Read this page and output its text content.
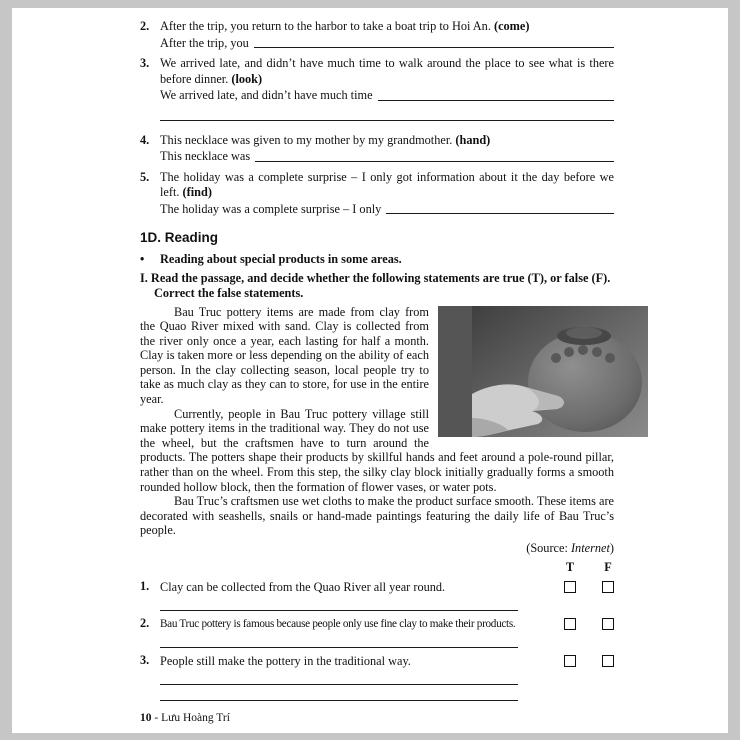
2. After the trip, you return to the harbor to take a boat trip to Hoi An. (come)
After the trip, you
3. We arrived late, and didn’t have much time to walk around the place to see what is there before dinner. (look)
We arrived late, and didn’t have much time
4. This necklace was given to my mother by my grandmother. (hand)
This necklace was
5. The holiday was a complete surprise – I only got information about it the day before we left. (find)
The holiday was a complete surprise – I only
1D. Reading
•	Reading about special products in some areas.
I. Read the passage, and decide whether the following statements are true (T), or false (F).
Correct the false statements.

Bau Truc pottery items are made from clay from the Quao River mixed with sand. Clay is collected from the river only once a year, each lasting for half a month. Clay is taken more or less depending on the ability of each person. In the clay collecting season, local people try to take as much clay as they can to store, for use in the entire year.

Currently, people in Bau Truc pottery village still make pottery items in the traditional way. They do not use the wheel, but the craftsmen have to turn around the products. The potters shape their products by skillful hands and feet around a pole-round pillar, rather than on the wheel. From this step, the silky clay block initially gradually forms a smooth rounded hollow block, then the formation of flower vases, or water pots.

Bau Truc’s craftsmen use wet cloths to make the product surface smooth. These items are decorated with seashells, snails or hand-made paintings featuring the daily life of Bau Truc’s people.

(Source: Internet)
T F
1. Clay can be collected from the Quao River all year round.
2. Bau Truc pottery is famous because people only use fine clay to make their products.
3. People still make the pottery in the traditional way.
10 - Lưu Hoàng Trí
